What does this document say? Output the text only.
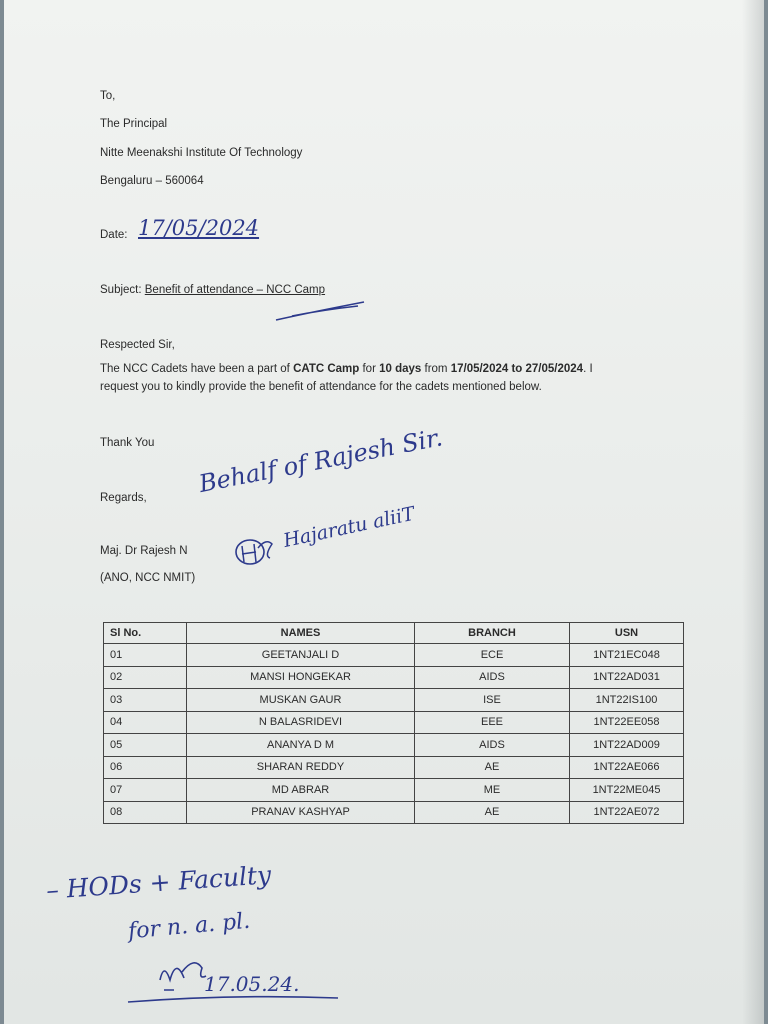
To,
The Principal
Nitte Meenakshi Institute Of Technology
Bengaluru – 560064
Date: 17/05/2024
Subject: Benefit of attendance – NCC Camp
Respected Sir,
The NCC Cadets have been a part of CATC Camp for 10 days from 17/05/2024 to 27/05/2024. I
request you to kindly provide the benefit of attendance for the cadets mentioned below.
Thank You
Regards,
Maj. Dr Rajesh N
(ANO, NCC NMIT)
Behalf of Rajesh Sir.
Hajaratu aliiT
Sl No.	NAMES	BRANCH	USN
01	GEETANJALI D	ECE	1NT21EC048
02	MANSI HONGEKAR	AIDS	1NT22AD031
03	MUSKAN GAUR	ISE	1NT22IS100
04	N BALASRIDEVI	EEE	1NT22EE058
05	ANANYA D M	AIDS	1NT22AD009
06	SHARAN REDDY	AE	1NT22AE066
07	MD ABRAR	ME	1NT22ME045
08	PRANAV KASHYAP	AE	1NT22AE072
– HODs + Faculty
for n. a. pl.
17.05.24.
